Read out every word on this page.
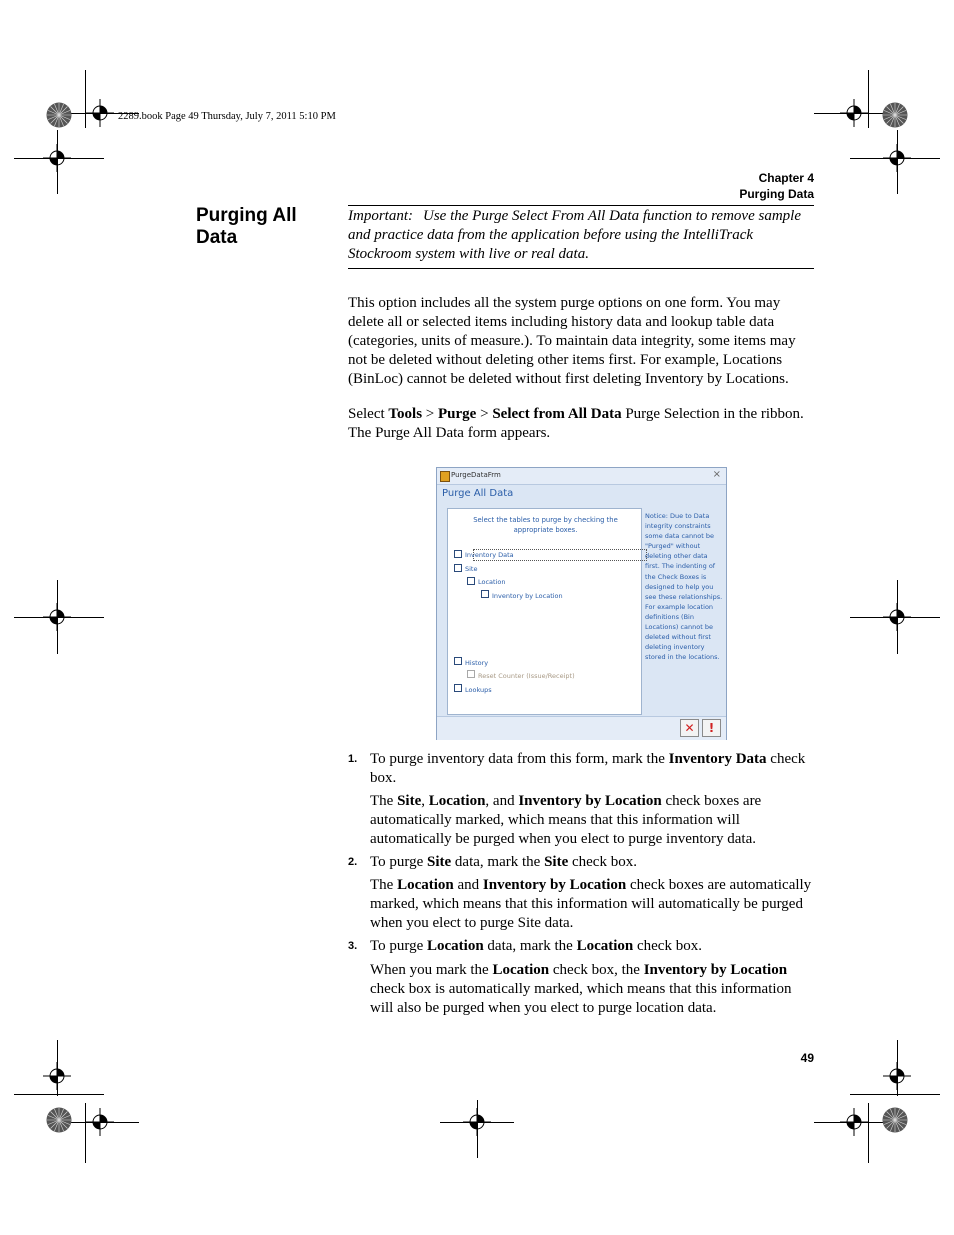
2289.book Page 49 Thursday, July 7, 2011 5:10 PM
Chapter 4
Purging Data
Purging All Data
Important: Use the Purge Select From All Data function to remove sample and practice data from the application before using the IntelliTrack Stockroom system with live or real data.
This option includes all the system purge options on one form. You may delete all or selected items including history data and lookup table data (categories, units of measure.). To maintain data integrity, some items may not be deleted without deleting other items first. For example, Locations (BinLoc) cannot be deleted without first deleting Inventory by Locations.
Select Tools > Purge > Select from All Data Purge Selection in the ribbon. The Purge All Data form appears.
PurgeDataFrm	×
Purge All Data
Select the tables to purge by checking the appropriate boxes.
Inventory Data
Site
Location
Inventory by Location
History
Reset Counter (Issue/Receipt)
Lookups
Notice: Due to Data integrity constraints some data cannot be "Purged" without deleting other data first. The indenting of the Check Boxes is designed to help you see these relationships. For example location definitions (Bin Locations) cannot be deleted without first deleting inventory stored in the locations.
✕	!
1. To purge inventory data from this form, mark the Inventory Data check box.
The Site, Location, and Inventory by Location check boxes are automatically marked, which means that this information will automatically be purged when you elect to purge inventory data.
2. To purge Site data, mark the Site check box.
The Location and Inventory by Location check boxes are automatically marked, which means that this information will automatically be purged when you elect to purge Site data.
3. To purge Location data, mark the Location check box.
When you mark the Location check box, the Inventory by Location check box is automatically marked, which means that this information will also be purged when you elect to purge location data.
49
